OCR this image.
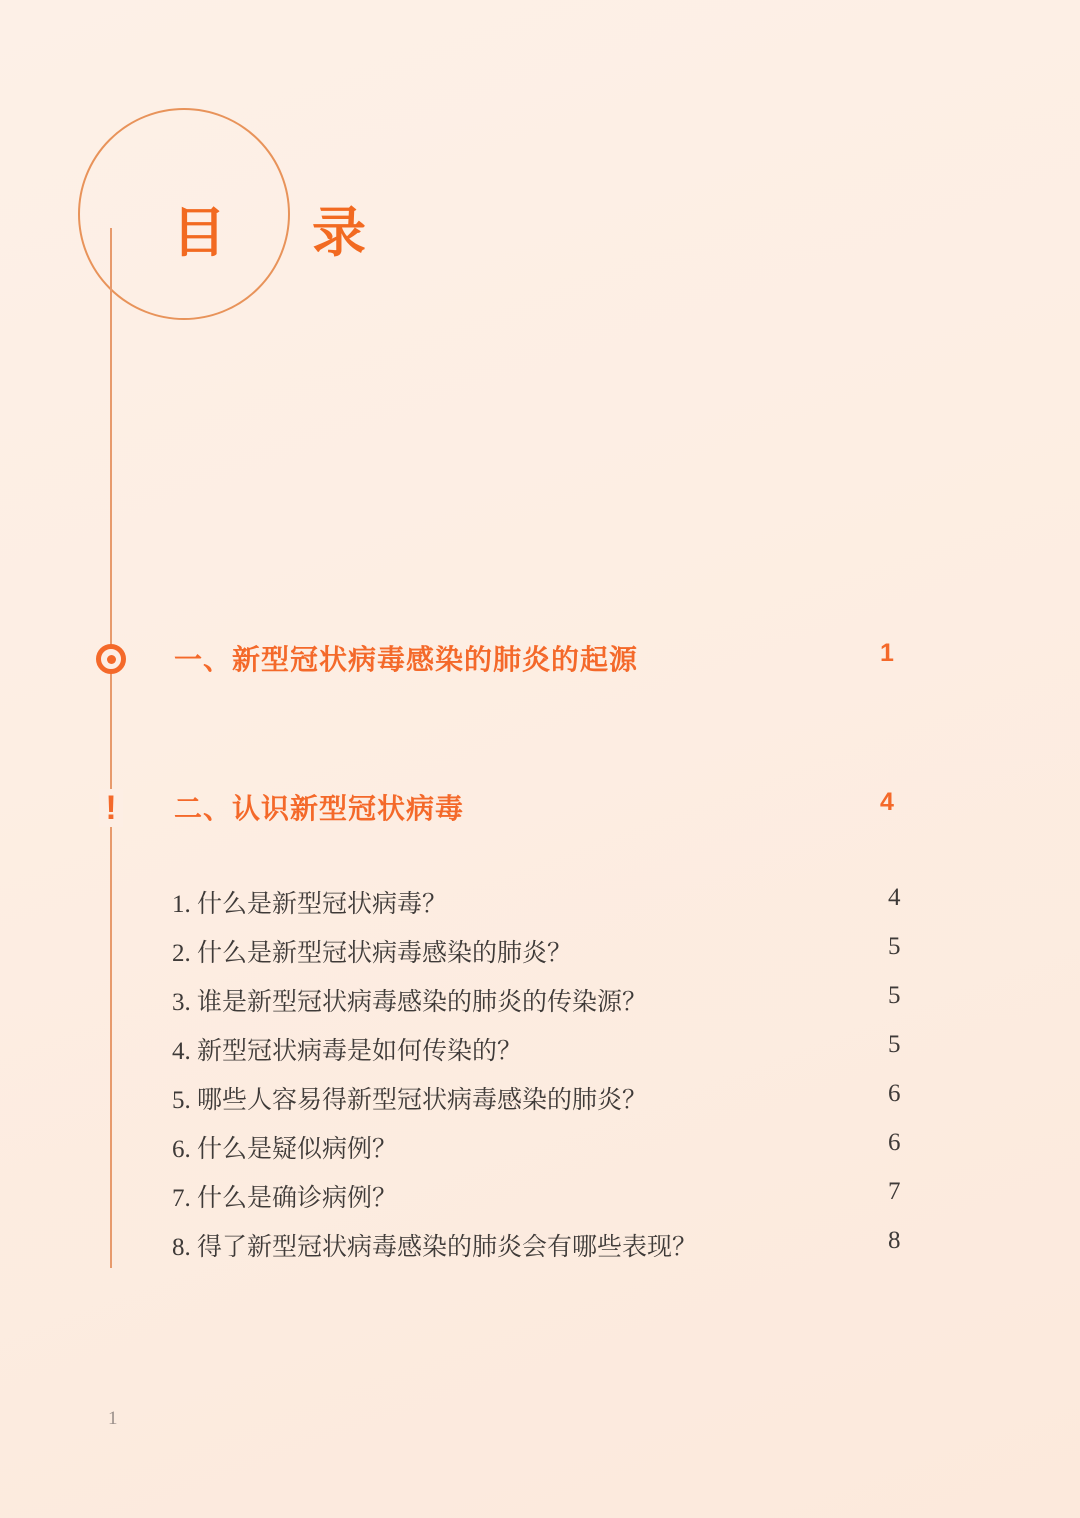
目　录
一、新型冠状病毒感染的肺炎的起源	1
! 二、认识新型冠状病毒	4
1. 什么是新型冠状病毒？	4
2. 什么是新型冠状病毒感染的肺炎？	5
3. 谁是新型冠状病毒感染的肺炎的传染源？	5
4. 新型冠状病毒是如何传染的？	5
5. 哪些人容易得新型冠状病毒感染的肺炎？	6
6. 什么是疑似病例？	6
7. 什么是确诊病例？	7
8. 得了新型冠状病毒感染的肺炎会有哪些表现？	8
1
